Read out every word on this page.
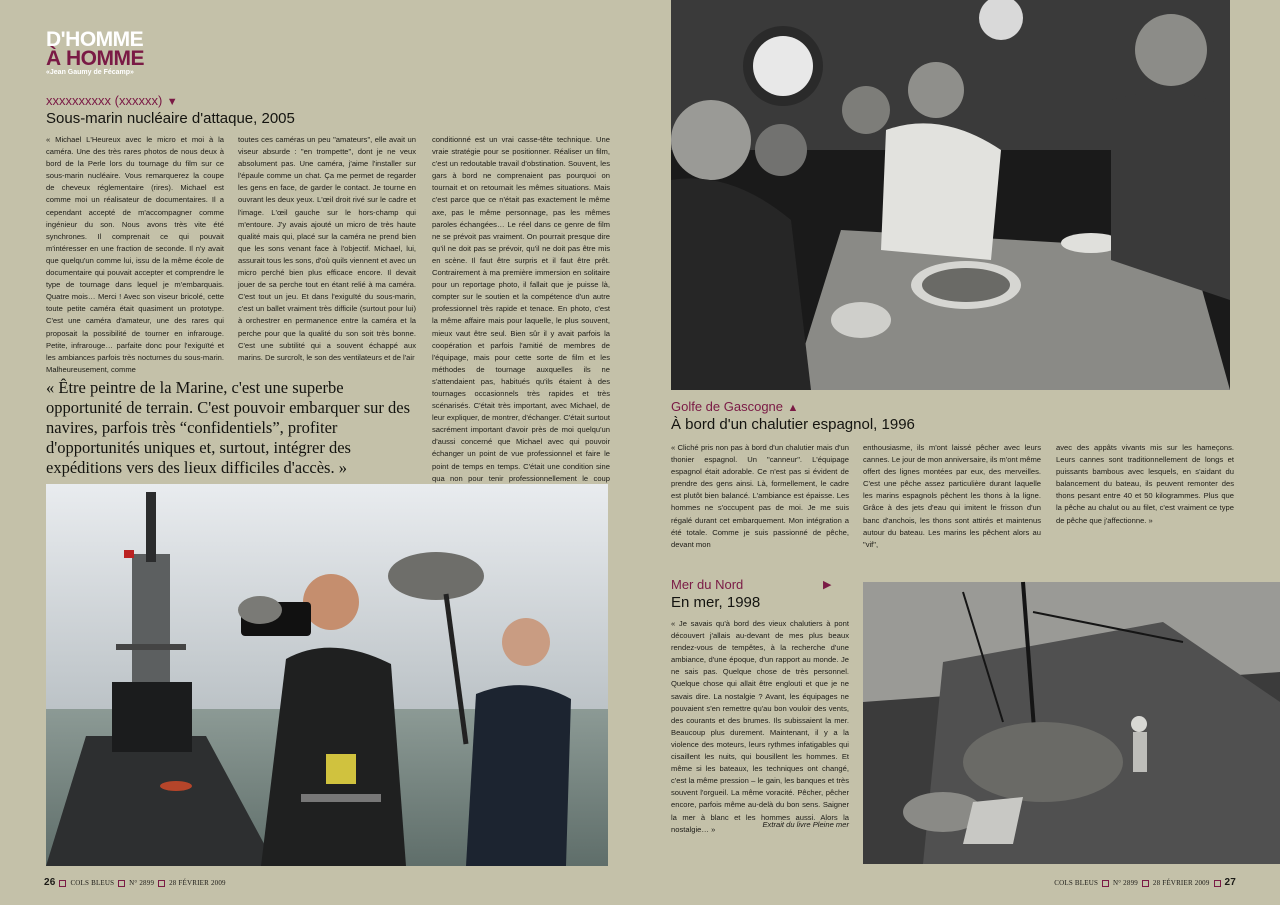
D'HOMME
À HOMME
«Jean Gaumy de Fécamp»
xxxxxxxxxx (xxxxxx) ▼
Sous-marin nucléaire d'attaque, 2005
« Michael L'Heureux avec le micro et moi à la caméra. Une des très rares photos de nous deux à bord de la Perle lors du tournage du film sur ce sous-marin nucléaire. Vous remarquerez la coupe de cheveux réglementaire (rires). Michael est comme moi un réalisateur de documentaires. Il a cependant accepté de m'accompagner comme ingénieur du son. Nous avons très vite été synchrones. Il comprenait ce qui pouvait m'intéresser en une fraction de seconde. Il n'y avait que quelqu'un comme lui, issu de la même école de documentaire qui pouvait accepter et comprendre le type de tournage dans lequel je m'embarquais. Quatre mois… Merci ! Avec son viseur bricolé, cette toute petite caméra était quasiment un prototype. C'est une caméra d'amateur, une des rares qui proposait la possibilité de tourner en infrarouge. Petite, infrarouge… parfaite donc pour l'exiguïté et les ambiances parfois très nocturnes du sous-marin. Malheureusement, comme
toutes ces caméras un peu "amateurs", elle avait un viseur absurde : "en trompette", dont je ne veux absolument pas. Une caméra, j'aime l'installer sur l'épaule comme un chat. Ça me permet de regarder les gens en face, de garder le contact. Je tourne en ouvrant les deux yeux. L'œil droit rivé sur le cadre et l'image. L'œil gauche sur le hors-champ qui m'entoure. J'y avais ajouté un micro de très haute qualité mais qui, placé sur la caméra ne prend bien que les sons venant face à l'objectif. Michael, lui, assurait tous les sons, d'où quils viennent et avec un micro perché bien plus efficace encore. Il devait jouer de sa perche tout en étant relié à ma caméra. C'est tout un jeu. Et dans l'exiguïté du sous-marin, c'est un ballet vraiment très difficile (surtout pour lui) à orchestrer en permanence entre la caméra et la perche pour que la qualité du son soit très bonne. C'est une subtilité qui a souvent échappé aux marins. De surcroît, le son des ventilateurs et de l'air
conditionné est un vrai casse-tête technique. Une vraie stratégie pour se positionner. Réaliser un film, c'est un redoutable travail d'obstination. Souvent, les gars à bord ne comprenaient pas pourquoi on tournait et on retournait les mêmes situations. Mais c'est parce que ce n'était pas exactement le même axe, pas le même personnage, pas les mêmes paroles échangées… Le réel dans ce genre de film ne se prévoit pas vraiment. On pourrait presque dire qu'il ne doit pas se prévoir, qu'il ne doit pas être mis en scène. Il faut être surpris et il faut être prêt. Contrairement à ma première immersion en solitaire pour un reportage photo, il fallait que je puisse là, compter sur le soutien et la compétence d'un autre professionnel très rapide et tenace. En photo, c'est la même affaire mais pour laquelle, le plus souvent, mieux vaut être seul. Bien sûr il y avait parfois la coopération et parfois l'amitié de membres de l'équipage, mais pour cette sorte de film et les méthodes de tournage auxquelles ils ne s'attendaient pas, habitués qu'ils étaient à des tournages occasionnels très rapides et très scénarisés. C'était très important, avec Michael, de leur expliquer, de montrer, d'échanger. C'était surtout sacrément important d'avoir près de moi quelqu'un d'aussi concerné que Michael avec qui pouvoir échanger un point de vue professionnel et faire le point de temps en temps. C'était une condition sine qua non pour tenir professionnellement le coup
« Être peintre de la Marine, c'est une superbe opportunité de terrain. C'est pouvoir embarquer sur des navires, parfois très “confidentiels”, profiter d'opportunités uniques et, surtout, intégrer des expéditions vers des lieux difficiles d'accès. »
Golfe de Gascogne ▲
À bord d'un chalutier espagnol, 1996
« Cliché pris non pas à bord d'un chalutier mais d'un thonier espagnol. Un "canneur". L'équipage espagnol était adorable. Ce n'est pas si évident de prendre des gens ainsi. Là, formellement, le cadre est plutôt bien balancé. L'ambiance est épaisse. Les hommes ne s'occupent pas de moi. Je me suis régalé durant cet embarquement. Mon intégration a été totale. Comme je suis passionné de pêche, devant mon
enthousiasme, ils m'ont laissé pêcher avec leurs cannes. Le jour de mon anniversaire, ils m'ont même offert des lignes montées par eux, des merveilles. C'est une pêche assez particulière durant laquelle les marins espagnols pêchent les thons à la ligne. Grâce à des jets d'eau qui imitent le frisson d'un banc d'anchois, les thons sont attirés et maintenus autour du bateau. Les marins les pêchent alors au "vif",
avec des appâts vivants mis sur les hameçons. Leurs cannes sont traditionnellement de longs et puissants bambous avec lesquels, en s'aidant du balancement du bateau, ils peuvent remonter des thons pesant entre 40 et 50 kilogrammes. Plus que la pêche au chalut ou au filet, c'est vraiment ce type de pêche que j'affectionne. »
Mer du Nord	▶
En mer, 1998
« Je savais qu'à bord des vieux chalutiers à pont découvert j'allais au-devant de mes plus beaux rendez-vous de tempêtes, à la recherche d'une ambiance, d'une époque, d'un rapport au monde. Je ne sais pas. Quelque chose de très personnel. Quelque chose qui allait être englouti et que je ne savais dire. La nostalgie ? Avant, les équipages ne pouvaient s'en remettre qu'au bon vouloir des vents, des courants et des brumes. Ils subissaient la mer. Beaucoup plus durement. Maintenant, il y a la violence des moteurs, leurs rythmes infatigables qui cisaillent les nuits, qui bousillent les hommes. Et même si les bateaux, les techniques ont changé, c'est la même pression – le gain, les banques et très souvent l'orgueil. La même voracité. Pêcher, pêcher encore, parfois même au-delà du bon sens. Saigner la mer à blanc et les hommes aussi. Alors la nostalgie… »
Extrait du livre Pleine mer
26 COLS BLEUS N° 2899 28 FÉVRIER 2009	COLS BLEUS N° 2899 28 FÉVRIER 2009 27
